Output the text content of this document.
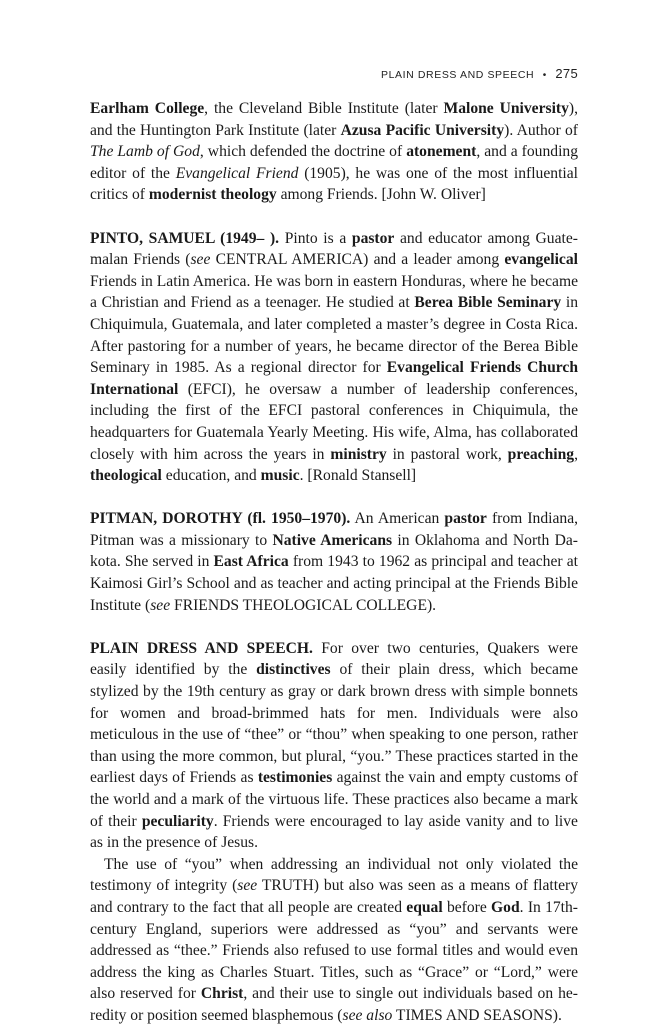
PLAIN DRESS AND SPEECH • 275

Earlham College, the Cleveland Bible Institute (later Malone University), and the Huntington Park Institute (later Azusa Pacific University). Author of The Lamb of God, which defended the doctrine of atonement, and a founding editor of the Evangelical Friend (1905), he was one of the most influential critics of modernist theology among Friends. [John W. Oliver]

PINTO, SAMUEL (1949– ). Pinto is a pastor and educator among Guatemalan Friends (see CENTRAL AMERICA) and a leader among evangelical Friends in Latin America. He was born in eastern Honduras, where he became a Christian and Friend as a teenager. He studied at Berea Bible Seminary in Chiquimula, Guatemala, and later completed a master’s degree in Costa Rica. After pastoring for a number of years, he became director of the Berea Bible Seminary in 1985. As a regional director for Evangelical Friends Church International (EFCI), he oversaw a number of leadership conferences, including the first of the EFCI pastoral conferences in Chiquimula, the headquarters for Guatemala Yearly Meeting. His wife, Alma, has collaborated closely with him across the years in ministry in pastoral work, preaching, theological education, and music. [Ronald Stansell]

PITMAN, DOROTHY (fl. 1950–1970). An American pastor from Indiana, Pitman was a missionary to Native Americans in Oklahoma and North Dakota. She served in East Africa from 1943 to 1962 as principal and teacher at Kaimosi Girl’s School and as teacher and acting principal at the Friends Bible Institute (see FRIENDS THEOLOGICAL COLLEGE).

PLAIN DRESS AND SPEECH. For over two centuries, Quakers were easily identified by the distinctives of their plain dress, which became stylized by the 19th century as gray or dark brown dress with simple bonnets for women and broad-brimmed hats for men. Individuals were also meticulous in the use of “thee” or “thou” when speaking to one person, rather than using the more common, but plural, “you.” These practices started in the earliest days of Friends as testimonies against the vain and empty customs of the world and a mark of the virtuous life. These practices also became a mark of their peculiarity. Friends were encouraged to lay aside vanity and to live as in the presence of Jesus.

The use of “you” when addressing an individual not only violated the testimony of integrity (see TRUTH) but also was seen as a means of flattery and contrary to the fact that all people are created equal before God. In 17th-century England, superiors were addressed as “you” and servants were addressed as “thee.” Friends also refused to use formal titles and would even address the king as Charles Stuart. Titles, such as “Grace” or “Lord,” were also reserved for Christ, and their use to single out individuals based on heredity or position seemed blasphemous (see also TIMES AND SEASONS).
